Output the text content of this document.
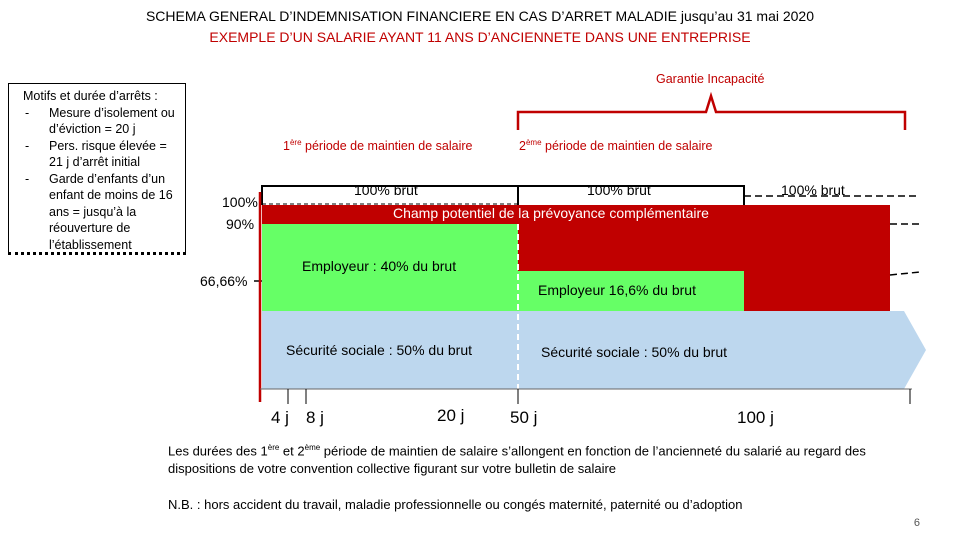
SCHEMA GENERAL D’INDEMNISATION FINANCIERE EN CAS D’ARRET MALADIE jusqu’au 31 mai 2020
EXEMPLE D’UN SALARIE AYANT 11 ANS D’ANCIENNETE DANS UNE ENTREPRISE
Motifs et durée d’arrêts :
- Mesure d’isolement ou d’éviction = 20 j
- Pers. risque élevée = 21 j d’arrêt initial
- Garde d’enfants d’un enfant de moins de 16 ans = jusqu’à la réouverture de l’établissement
Garantie Incapacité
1ère période de maintien de salaire	2ème période de maintien de salaire
100% brut	100% brut	100% brut
100%
90%
66,66%
Champ potentiel de la prévoyance complémentaire
Employeur : 40% du brut
Employeur 16,6% du brut
Sécurité sociale : 50% du brut	Sécurité sociale : 50% du brut
4 j 8 j	20 j	50 j	100 j
Les durées des 1ère et 2ème période de maintien de salaire s’allongent en fonction de l’ancienneté du salarié au regard des dispositions de votre convention collective figurant sur votre bulletin de salaire
N.B. : hors accident du travail, maladie professionnelle ou congés maternité, paternité ou d’adoption
6
